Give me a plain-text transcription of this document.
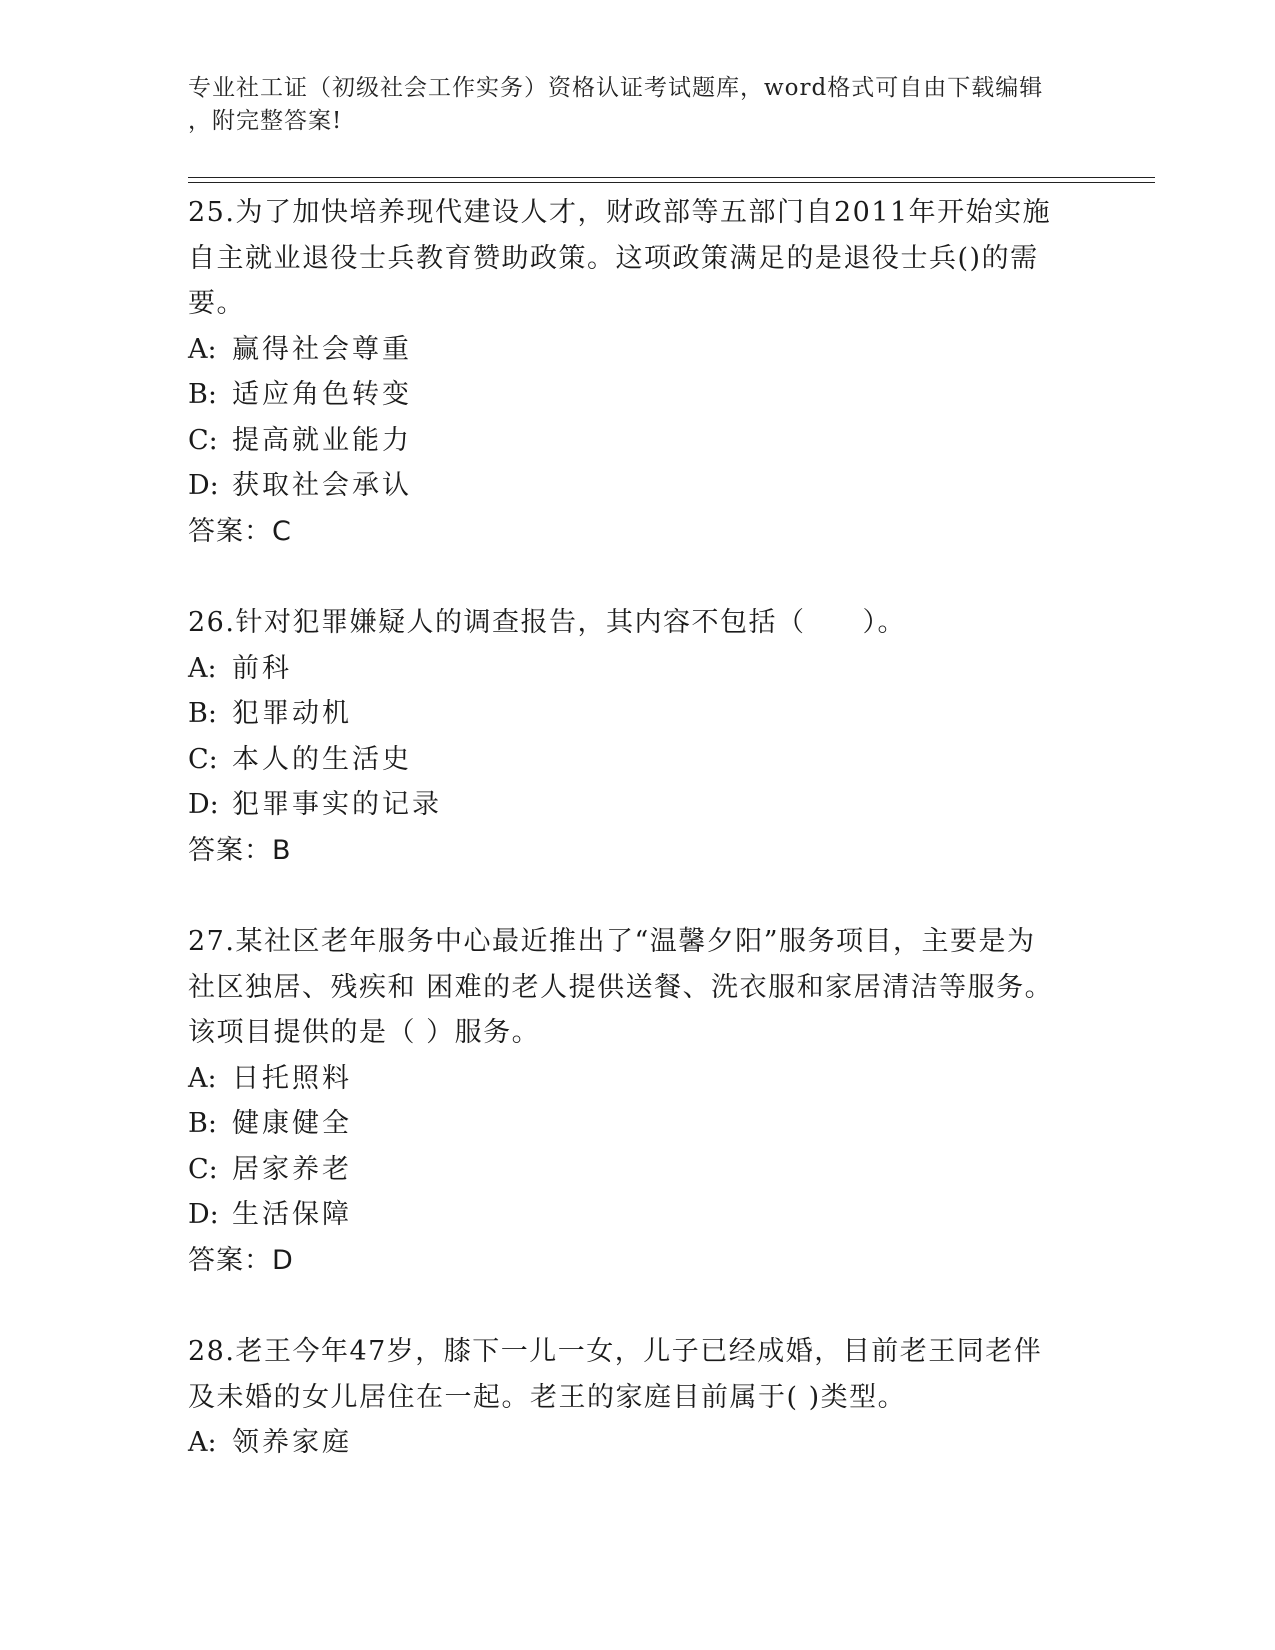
专业社工证（初级社会工作实务）资格认证考试题库，word格式可自由下载编辑
，附完整答案!

25.为了加快培养现代建设人才，财政部等五部门自2011年开始实施

自主就业退役士兵教育赞助政策。这项政策满足的是退役士兵()的需

要。

A: 赢得社会尊重

B: 适应角色转变

C: 提高就业能力

D: 获取社会承认

答案：C

26.针对犯罪嫌疑人的调查报告，其内容不包括（　　）。

A: 前科

B: 犯罪动机

C: 本人的生活史

D: 犯罪事实的记录

答案：B

27.某社区老年服务中心最近推出了“温馨夕阳”服务项目，主要是为

社区独居、残疾和 困难的老人提供送餐、洗衣服和家居清洁等服务。

该项目提供的是（ ）服务。

A: 日托照料

B: 健康健全

C: 居家养老

D: 生活保障

答案：D

28.老王今年47岁，膝下一儿一女，儿子已经成婚，目前老王同老伴

及未婚的女儿居住在一起。老王的家庭目前属于( )类型。

A: 领养家庭
